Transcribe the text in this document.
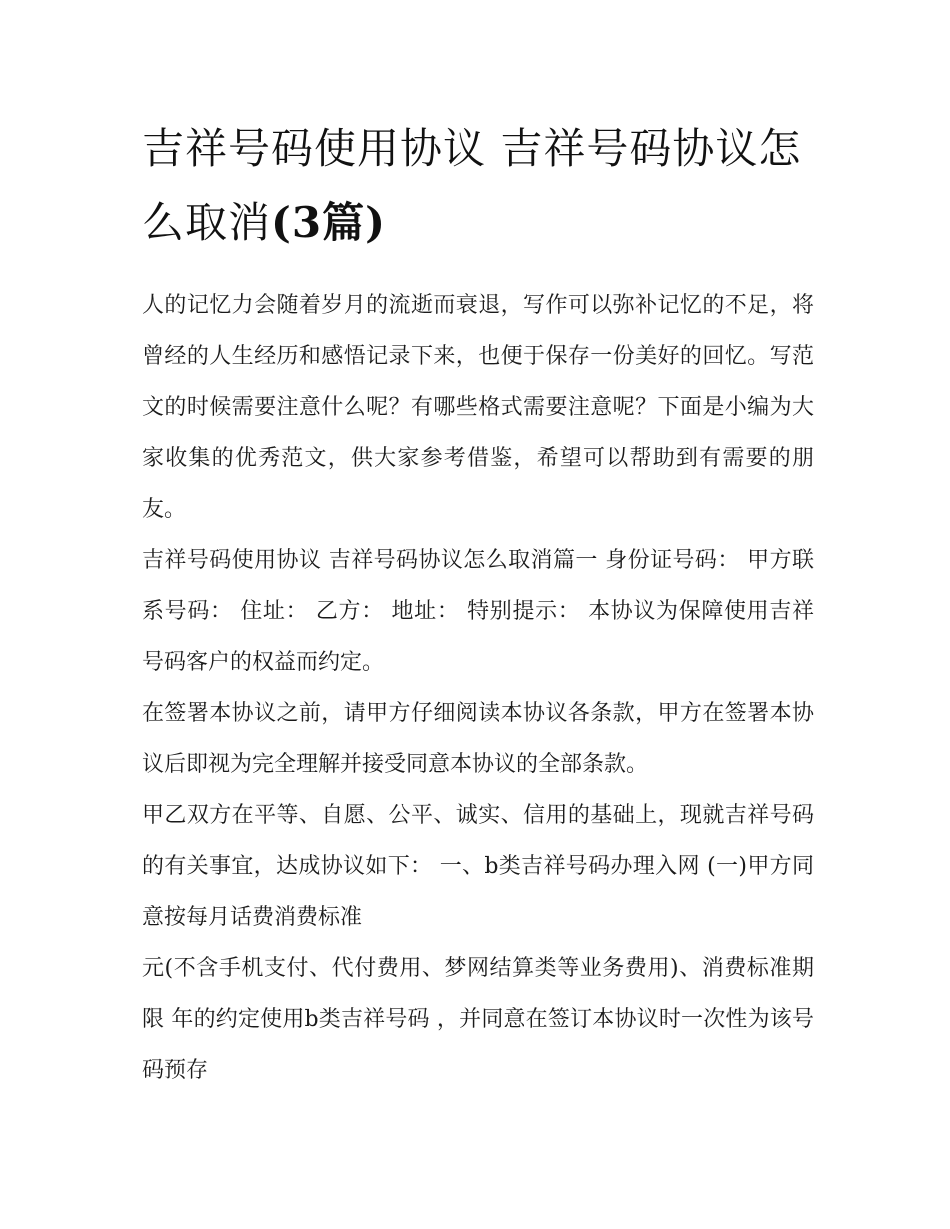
吉祥号码使用协议 吉祥号码协议怎么取消(3篇)

人的记忆力会随着岁月的流逝而衰退，写作可以弥补记忆的不足，将曾经的人生经历和感悟记录下来，也便于保存一份美好的回忆。写范文的时候需要注意什么呢？有哪些格式需要注意呢？下面是小编为大家收集的优秀范文，供大家参考借鉴，希望可以帮助到有需要的朋友。

吉祥号码使用协议 吉祥号码协议怎么取消篇一 身份证号码： 甲方联系号码： 住址： 乙方： 地址： 特别提示： 本协议为保障使用吉祥号码客户的权益而约定。

在签署本协议之前，请甲方仔细阅读本协议各条款，甲方在签署本协议后即视为完全理解并接受同意本协议的全部条款。

甲乙双方在平等、自愿、公平、诚实、信用的基础上，现就吉祥号码的有关事宜，达成协议如下： 一、b类吉祥号码办理入网 (一)甲方同意按每月话费消费标准

元(不含手机支付、代付费用、梦网结算类等业务费用)、消费标准期限 年的约定使用b类吉祥号码 ，并同意在签订本协议时一次性为该号码预存
